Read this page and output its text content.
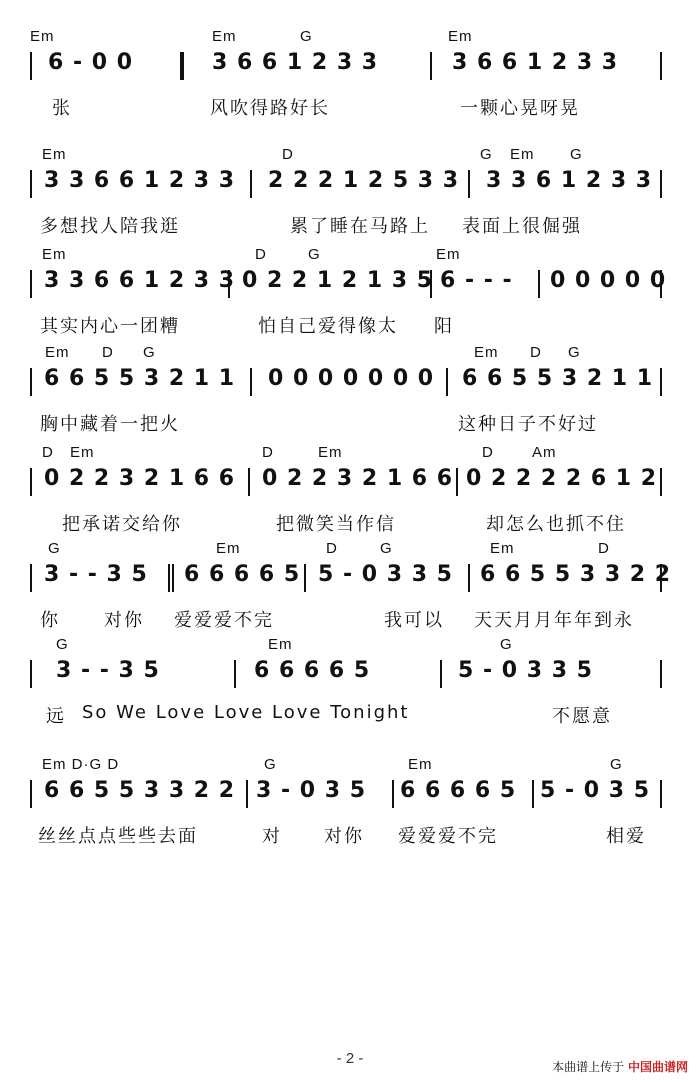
Em	Em	G	Em
6 - 0 0	3 6 6 1 2 3 3	3 6 6 1 2 3 3
张	风吹得路好长	一颗心晃呀晃
Em	D	G Em G
3 3 6 6 1 2 3 3 2 2 2 1 2 5 3 3 3 3 6 1 2 3 3
多想找人陪我逛	累了睡在马路上 表面上很倔强
Em	D	G	Em
3 3 6 6 1 2 3 3 0 2 2 1 2 1 3 5 6 - - - 0 0 0 0 0
其实内心一团糟	怕自己爱得像太 阳
Em D G	Em D G
6 6 5 5 3 2 1 1 0 0 0 0 0 0 0 6 6 5 5 3 2 1 1
胸中藏着一把火	这种日子不好过
D Em	D	Em	D	Am
0 2 2 3 2 1 6 6 0 2 2 3 2 1 6 6 0 2 2 2 2 6 1 2
把承诺交给你	把微笑当作信	却怎么也抓不住
G	Em	D	G	Em	D
3 - - 3 5 6 6 6 6 5 5 - 0 3 3 5 6 6 5 5 3 3 2 2
你 对你 爱爱爱不完	我可以 天天月月年年到永
G	Em	G
3 - - 3 5	6 6 6 6 5	5 - 0 3 3 5
远 So We Love Love Love Tonight	不愿意
Em D·G D	G	Em	G
6 6 5 5 3 3 2 2 3 - 0 3 5 6 6 6 6 5 5 - 0 3 5
丝丝点点些些去面	对 对你 爱爱爱不完	相爱
- 2 -	本曲谱上传于 中国曲谱网
